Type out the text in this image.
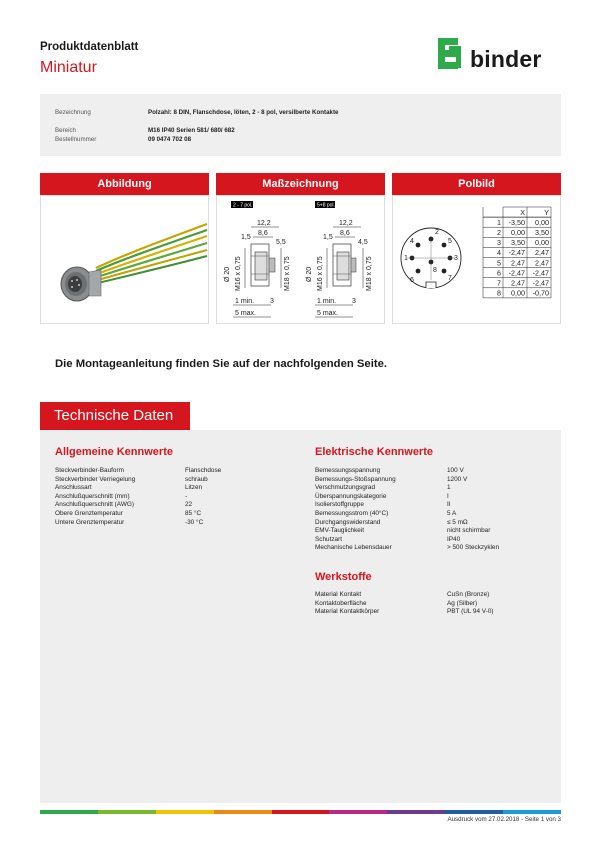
Produktdatenblatt
Miniatur	binder
Bezeichnung	Polzahl: 8 DIN, Flanschdose, löten, 2 - 8 pol, versilberte Kontakte
Bereich	M16 IP40 Serien 581/ 680/ 682
Bestellnummer	09 0474 702 08
Abbildung	Maßzeichnung	Polbild
2 - 7 pol.
12,2
8,6
1,5
5,5
Ø 20 M16 x 0,75	M18 x 0,75
1 min. 3
5 max.
5+8 pol.
12,2
8,6
1,5
4,5
Ø 20 M16 x 0,75	M18 x 0,75
1 min. 3
5 max.
1
2
3
4	5
6	7
8
X	Y
1 -3,50 0,00
2 0,00 3,50
3 3,50 0,00
4 -2,47 2,47
5 2,47 2,47
6 -2,47 -2,47
7 2,47 -2,47
8 0,00 -0,70
Die Montageanleitung finden Sie auf der nachfolgenden Seite.
Technische Daten
Allgemeine Kennwerte
Steckverbinder-Bauform	Flanschdose
Steckverbinder Verriegelung	schraub
Anschlussart	Litzen
Anschlußquerschnitt (mm)	-
Anschlußquerschnitt (AWG)	22
Obere Grenztemperatur	85 °C
Untere Grenztemperatur	-30 °C
Elektrische Kennwerte
Bemessungsspannung	100 V
Bemessungs-Stoßspannung	1200 V
Verschmutzungsgrad	1
Überspannungskategorie	I
Isolierstoffgruppe	II
Bemessungsstrom (40°C)	5 A
Durchgangswiderstand	≤ 5 mΩ
EMV-Tauglichkeit	nicht schirmbar
Schutzart	IP40
Mechanische Lebensdauer	> 500 Steckzyklen
Werkstoffe
Material Kontakt	CuSn (Bronze)
Kontaktoberfläche	Ag (Silber)
Material Kontaktkörper	PBT (UL 94 V-0)
Ausdruck vom 27.02.2018 - Seite 1 von 3
